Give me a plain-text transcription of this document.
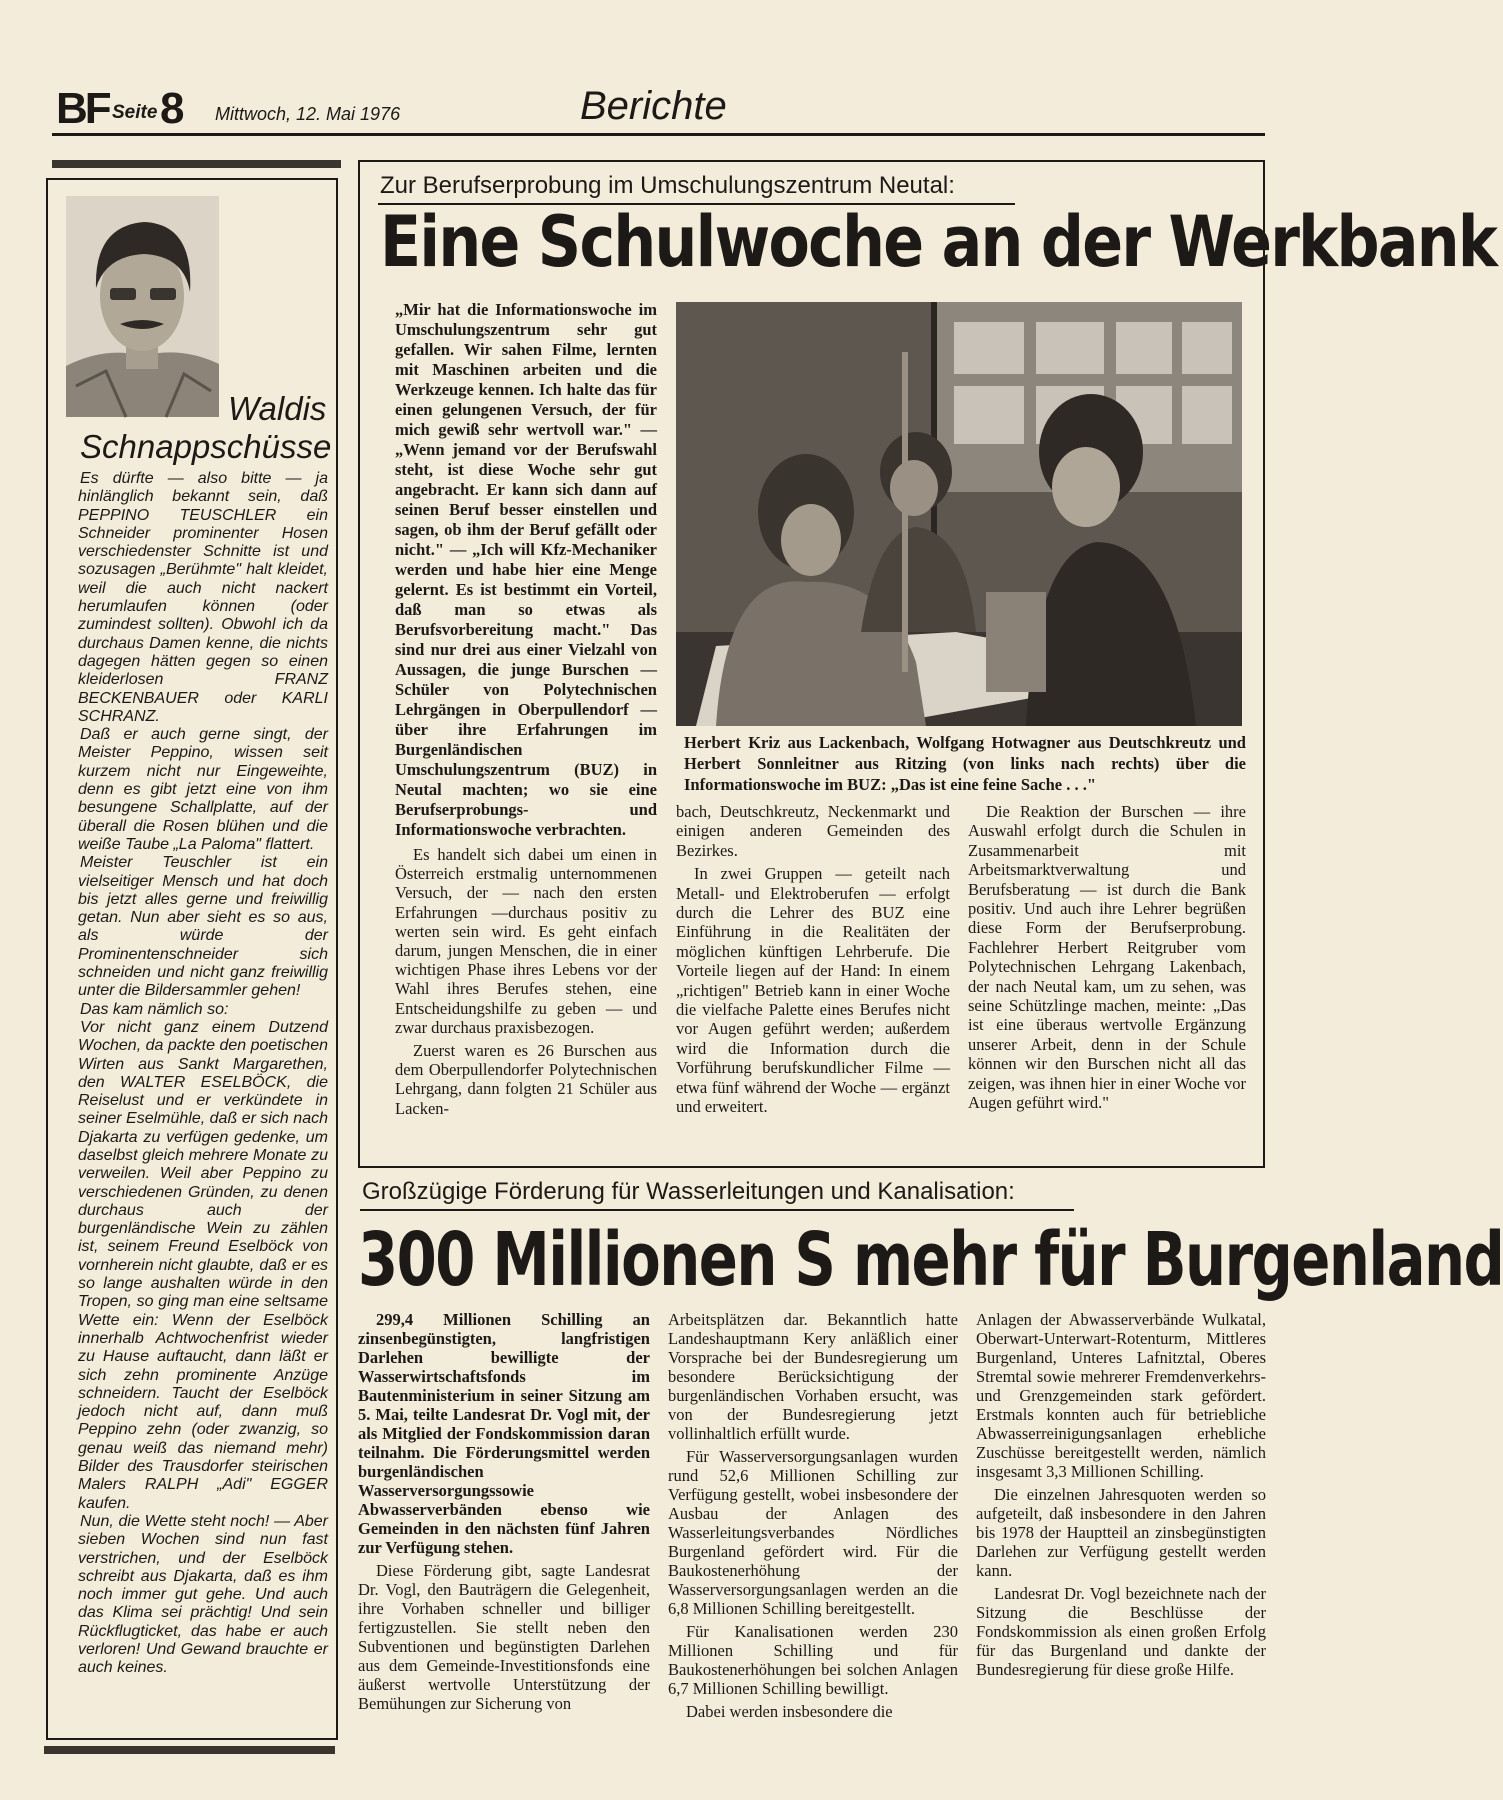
BF Seite 8 Mittwoch, 12. Mai 1976	Berichte
Waldis
Schnappschüsse

Es dürfte — also bitte — ja hinlänglich bekannt sein, daß PEPPINO TEUSCHLER ein Schneider prominenter Hosen verschiedenster Schnitte ist und sozusagen „Berühmte" halt kleidet, weil die auch nicht nackert herumlaufen können (oder zumindest sollten). Obwohl ich da durchaus Damen kenne, die nichts dagegen hätten gegen so einen kleiderlosen FRANZ BECKENBAUER oder KARLI SCHRANZ.

Daß er auch gerne singt, der Meister Peppino, wissen seit kurzem nicht nur Eingeweihte, denn es gibt jetzt eine von ihm besungene Schallplatte, auf der überall die Rosen blühen und die weiße Taube „La Paloma" flattert.

Meister Teuschler ist ein vielseitiger Mensch und hat doch bis jetzt alles gerne und freiwillig getan. Nun aber sieht es so aus, als würde der Prominentenschneider sich schneiden und nicht ganz freiwillig unter die Bildersammler gehen!

Das kam nämlich so:

Vor nicht ganz einem Dutzend Wochen, da packte den poetischen Wirten aus Sankt Margarethen, den WALTER ESELBÖCK, die Reiselust und er verkündete in seiner Eselmühle, daß er sich nach Djakarta zu verfügen gedenke, um daselbst gleich mehrere Monate zu verweilen. Weil aber Peppino zu verschiedenen Gründen, zu denen durchaus auch der burgenländische Wein zu zählen ist, seinem Freund Eselböck von vornherein nicht glaubte, daß er es so lange aushalten würde in den Tropen, so ging man eine seltsame Wette ein: Wenn der Eselböck innerhalb Achtwochenfrist wieder zu Hause auftaucht, dann läßt er sich zehn prominente Anzüge schneidern. Taucht der Eselböck jedoch nicht auf, dann muß Peppino zehn (oder zwanzig, so genau weiß das niemand mehr) Bilder des Trausdorfer steirischen Malers RALPH „Adi" EGGER kaufen.

Nun, die Wette steht noch! — Aber sieben Wochen sind nun fast verstrichen, und der Eselböck schreibt aus Djakarta, daß es ihm noch immer gut gehe. Und auch das Klima sei prächtig! Und sein Rückflugticket, das habe er auch verloren! Und Gewand brauchte er auch keines.

Zur Berufserprobung im Umschulungszentrum Neutal:
Eine Schulwoche an der Werkbank
„Mir hat die Informationswoche im Umschulungszentrum sehr gut gefallen. Wir sahen Filme, lernten mit Maschinen arbeiten und die Werkzeuge kennen. Ich halte das für einen gelungenen Versuch, der für mich gewiß sehr wertvoll war." — „Wenn jemand vor der Berufswahl steht, ist diese Woche sehr gut angebracht. Er kann sich dann auf seinen Beruf besser einstellen und sagen, ob ihm der Beruf gefällt oder nicht." — „Ich will Kfz-Mechaniker werden und habe hier eine Menge gelernt. Es ist bestimmt ein Vorteil, daß man so etwas als Berufsvorbereitung macht." Das sind nur drei aus einer Vielzahl von Aussagen, die junge Burschen — Schüler von Polytechnischen Lehrgängen in Oberpullendorf — über ihre Erfahrungen im Burgenländischen Umschulungszentrum (BUZ) in Neutal machten; wo sie eine Berufserprobungs- und Informationswoche verbrachten.

Es handelt sich dabei um einen in Österreich erstmalig unternommenen Versuch, der — nach den ersten Erfahrungen —durchaus positiv zu werten sein wird. Es geht einfach darum, jungen Menschen, die in einer wichtigen Phase ihres Lebens vor der Wahl ihres Berufes stehen, eine Entscheidungshilfe zu geben — und zwar durchaus praxisbezogen.

Zuerst waren es 26 Burschen aus dem Oberpullendorfer Polytechnischen Lehrgang, dann folgten 21 Schüler aus Lacken-

Herbert Kriz aus Lackenbach, Wolfgang Hotwagner aus Deutschkreutz und Herbert Sonnleitner aus Ritzing (von links nach rechts) über die Informationswoche im BUZ: „Das ist eine feine Sache . . ."

bach, Deutschkreutz, Neckenmarkt und einigen anderen Gemeinden des Bezirkes.

In zwei Gruppen — geteilt nach Metall- und Elektroberufen — erfolgt durch die Lehrer des BUZ eine Einführung in die Realitäten der möglichen künftigen Lehrberufe. Die Vorteile liegen auf der Hand: In einem „richtigen" Betrieb kann in einer Woche die vielfache Palette eines Berufes nicht vor Augen geführt werden; außerdem wird die Information durch die Vorführung berufskundlicher Filme — etwa fünf während der Woche — ergänzt und erweitert.

Die Reaktion der Burschen — ihre Auswahl erfolgt durch die Schulen in Zusammenarbeit mit Arbeitsmarktverwaltung und Berufsberatung — ist durch die Bank positiv. Und auch ihre Lehrer begrüßen diese Form der Berufserprobung. Fachlehrer Herbert Reitgruber vom Polytechnischen Lehrgang Lakenbach, der nach Neutal kam, um zu sehen, was seine Schützlinge machen, meinte: „Das ist eine überaus wertvolle Ergänzung unserer Arbeit, denn in der Schule können wir den Burschen nicht all das zeigen, was ihnen hier in einer Woche vor Augen geführt wird."

Großzügige Förderung für Wasserleitungen und Kanalisation:
300 Millionen S mehr für Burgenland

299,4 Millionen Schilling an zinsenbegünstigten, langfristigen Darlehen bewilligte der Wasserwirtschaftsfonds im Bautenministerium in seiner Sitzung am 5. Mai, teilte Landesrat Dr. Vogl mit, der als Mitglied der Fondskommission daran teilnahm. Die Förderungsmittel werden burgenländischen Wasserversorgungssowie Abwasserverbänden ebenso wie Gemeinden in den nächsten fünf Jahren zur Verfügung stehen.

Diese Förderung gibt, sagte Landesrat Dr. Vogl, den Bauträgern die Gelegenheit, ihre Vorhaben schneller und billiger fertigzustellen. Sie stellt neben den Subventionen und begünstigten Darlehen aus dem Gemeinde-Investitionsfonds eine äußerst wertvolle Unterstützung der Bemühungen zur Sicherung von

Arbeitsplätzen dar. Bekanntlich hatte Landeshauptmann Kery anläßlich einer Vorsprache bei der Bundesregierung um besondere Berücksichtigung der burgenländischen Vorhaben ersucht, was von der Bundesregierung jetzt vollinhaltlich erfüllt wurde.

Für Wasserversorgungsanlagen wurden rund 52,6 Millionen Schilling zur Verfügung gestellt, wobei insbesondere der Ausbau der Anlagen des Wasserleitungsverbandes Nördliches Burgenland gefördert wird. Für die Baukostenerhöhung der Wasserversorgungsanlagen werden an die 6,8 Millionen Schilling bereitgestellt.

Für Kanalisationen werden 230 Millionen Schilling und für Baukostenerhöhungen bei solchen Anlagen 6,7 Millionen Schilling bewilligt.

Dabei werden insbesondere die

Anlagen der Abwasserverbände Wulkatal, Oberwart-Unterwart-Rotenturm, Mittleres Burgenland, Unteres Lafnitztal, Oberes Stremtal sowie mehrerer Fremdenverkehrs- und Grenzgemeinden stark gefördert. Erstmals konnten auch für betriebliche Abwasserreinigungsanlagen erhebliche Zuschüsse bereitgestellt werden, nämlich insgesamt 3,3 Millionen Schilling.

Die einzelnen Jahresquoten werden so aufgeteilt, daß insbesondere in den Jahren bis 1978 der Hauptteil an zinsbegünstigten Darlehen zur Verfügung gestellt werden kann.

Landesrat Dr. Vogl bezeichnete nach der Sitzung die Beschlüsse der Fondskommission als einen großen Erfolg für das Burgenland und dankte der Bundesregierung für diese große Hilfe.
